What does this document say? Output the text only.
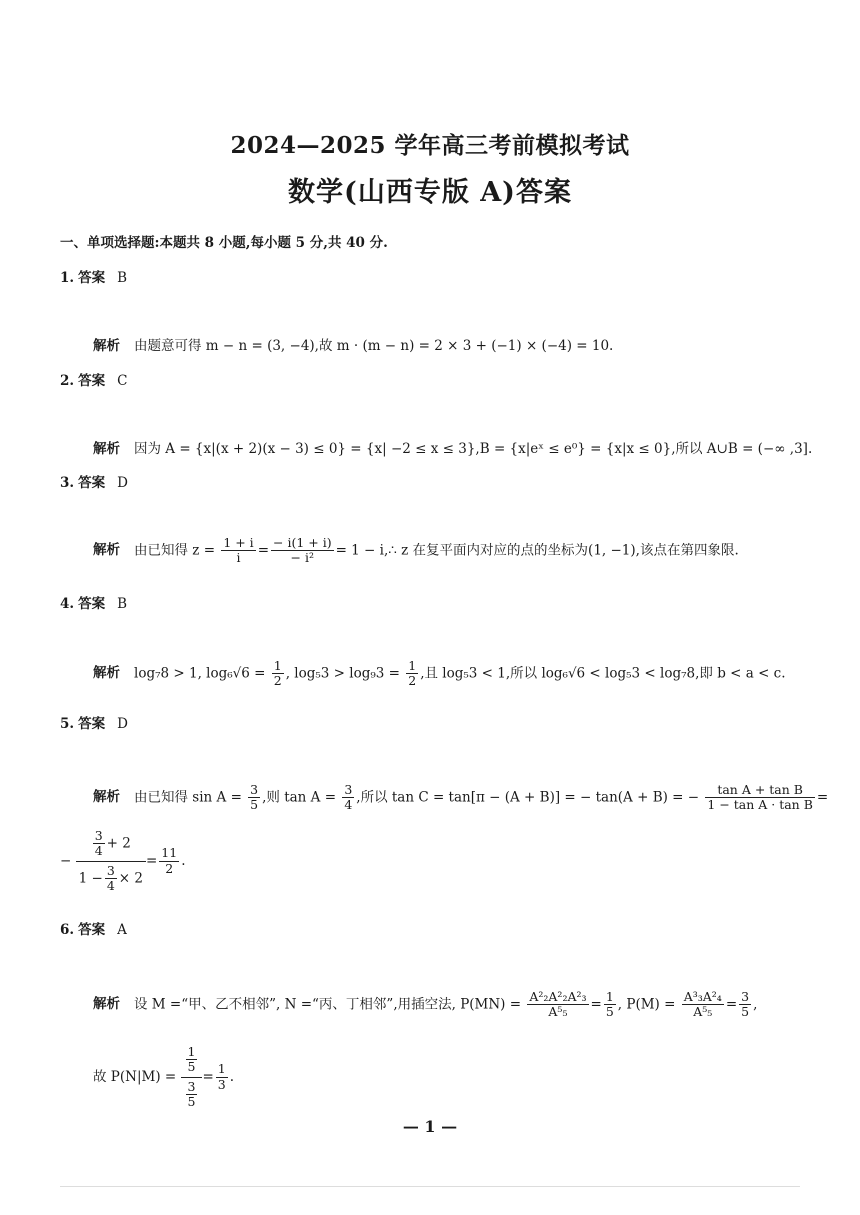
2024—2025 学年高三考前模拟考试
数学(山西专版 A)答案
一、单项选择题:本题共 8 小题,每小题 5 分,共 40 分.
1. 答案 B
解析 由题意可得 m − n = (3, −4),故 m · (m − n) = 2 × 3 + (−1) × (−4) = 10.
2. 答案 C
解析 因为 A = {x|(x + 2)(x − 3) ≤ 0} = {x| −2 ≤ x ≤ 3},B = {x|eˣ ≤ e⁰} = {x|x ≤ 0},所以 A∪B = (−∞ ,3].
3. 答案 D
解析 由已知得 $z = \frac{1 + i}{i} = \frac{- i(1 + i)}{\text{− i²}} = 1$ − i,∴ z 在复平面内对应的点的坐标为(1, −1),该点在第四象限.
4. 答案 B
解析 log₇8 > 1, $\log_6√6 = \frac{1}{2}$ , $\log_53 > \log_93 = \frac{1}{2}$ ,且 log₅3 < 1,所以 log₆√6 < log₅3 < log₇8,即 b < a < c.
5. 答案 D
解析 由已知得 $\sin A = \frac{3}{5}$ ,则 $\tan A = \frac{3}{4}$ ,所以 tan C = tan[π − (A + B)] = − tan(A + B) = − $\frac{\text{tan A + tan B}}{\text{1 − tan A · tan B}}$ =
− $\frac{\frac{3}{4} + 2}{1 - \frac{3}{4} \times 2} = \frac{11}{2}$ .
6. 答案 A
解析 设 M =“甲、乙不相邻”, N =“丙、丁相邻”,用插空法, $P(MN) = \frac{\text{A²₂A²₂A²₃}}{\text{A⁵₅}} = \frac{1}{5}$ , $P(M) = \frac{\text{A³₃A²₄}}{\text{A⁵₅}} = \frac{3}{5}$ ,
故 $P(N|M) = \frac{\frac{1}{5}}{\frac{3}{5}} = \frac{1}{3}$ .
— 1 —
